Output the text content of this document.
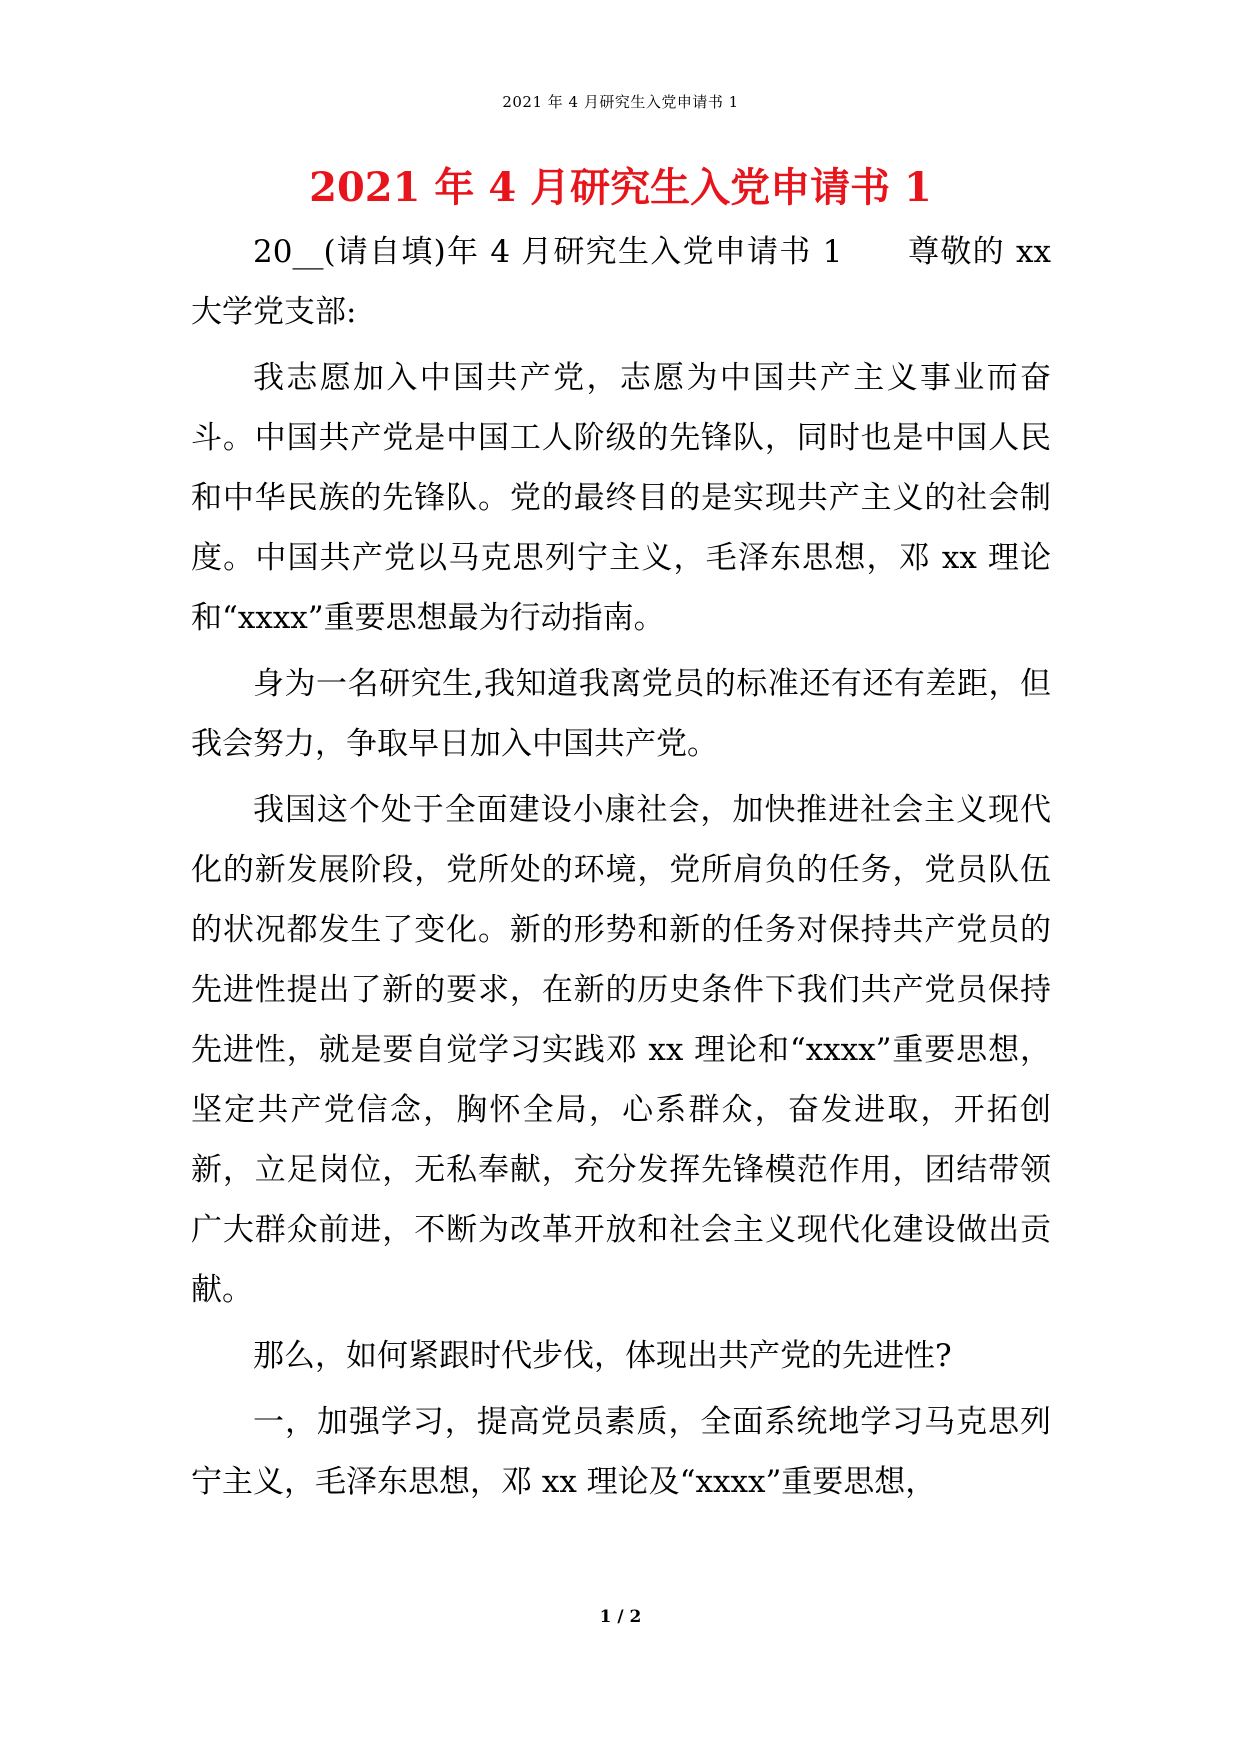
2021 年 4 月研究生入党申请书 1
2021 年 4 月研究生入党申请书 1

20__(请自填)年 4 月研究生入党申请书 1　　尊敬的 xx 大学党支部:

我志愿加入中国共产党，志愿为中国共产主义事业而奋斗。中国共产党是中国工人阶级的先锋队，同时也是中国人民和中华民族的先锋队。党的最终目的是实现共产主义的社会制度。中国共产党以马克思列宁主义，毛泽东思想，邓 xx 理论和“xxxx”重要思想最为行动指南。

身为一名研究生,我知道我离党员的标准还有还有差距，但我会努力，争取早日加入中国共产党。

我国这个处于全面建设小康社会，加快推进社会主义现代化的新发展阶段，党所处的环境，党所肩负的任务，党员队伍的状况都发生了变化。新的形势和新的任务对保持共产党员的先进性提出了新的要求，在新的历史条件下我们共产党员保持先进性，就是要自觉学习实践邓 xx 理论和“xxxx”重要思想，坚定共产党信念，胸怀全局，心系群众，奋发进取，开拓创新，立足岗位，无私奉献，充分发挥先锋模范作用，团结带领广大群众前进，不断为改革开放和社会主义现代化建设做出贡献。

那么，如何紧跟时代步伐，体现出共产党的先进性?

一，加强学习，提高党员素质，全面系统地学习马克思列宁主义，毛泽东思想，邓 xx 理论及“xxxx”重要思想，

1 / 2
